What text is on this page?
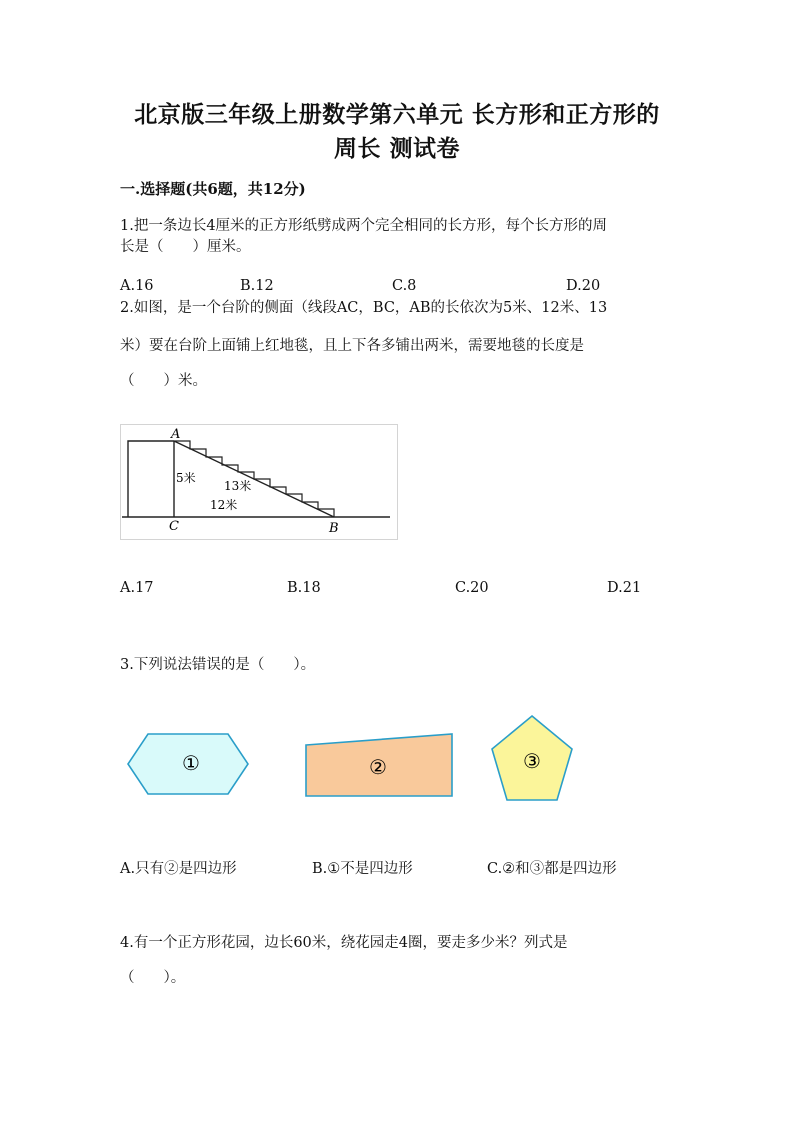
北京版三年级上册数学第六单元 长方形和正方形的
周长 测试卷
一.选择题(共6题，共12分)
1.把一条边长4厘米的正方形纸劈成两个完全相同的长方形，每个长方形的周
长是（　　）厘米。
A.16	B.12	C.8	D.20
2.如图，是一个台阶的侧面（线段AC，BC，AB的长依次为5米、12米、13
米）要在台阶上面铺上红地毯，且上下各多铺出两米，需要地毯的长度是
（　　）米。
A
C	B
5米
13米
12米
A.17	B.18	C.20	D.21
3.下列说法错误的是（　　）。
①	②	③
A.只有②是四边形	B.①不是四边形	C.②和③都是四边形
4.有一个正方形花园，边长60米，绕花园走4圈，要走多少米？列式是
（　　）。
